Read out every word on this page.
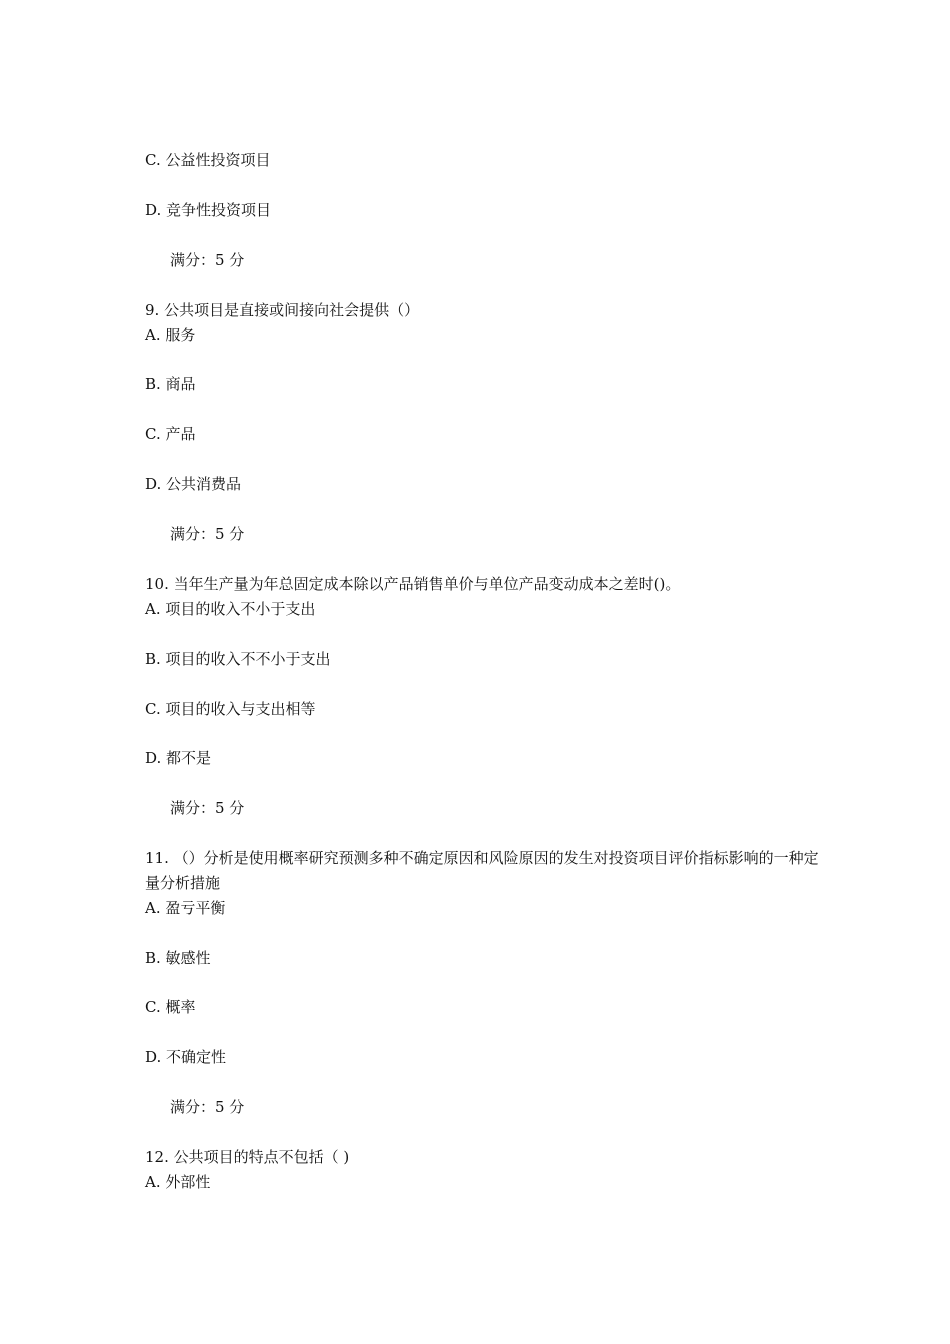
C. 公益性投资项目
D. 竞争性投资项目
满分：5 分
9. 公共项目是直接或间接向社会提供（）
A. 服务
B. 商品
C. 产品
D. 公共消费品
满分：5 分
10. 当年生产量为年总固定成本除以产品销售单价与单位产品变动成本之差时()。
A. 项目的收入不小于支出
B. 项目的收入不不小于支出
C. 项目的收入与支出相等
D. 都不是
满分：5 分
11. （）分析是使用概率研究预测多种不确定原因和风险原因的发生对投资项目评价指标影响的一种定量分析措施
A. 盈亏平衡
B. 敏感性
C. 概率
D. 不确定性
满分：5 分
12. 公共项目的特点不包括（ )
A. 外部性
